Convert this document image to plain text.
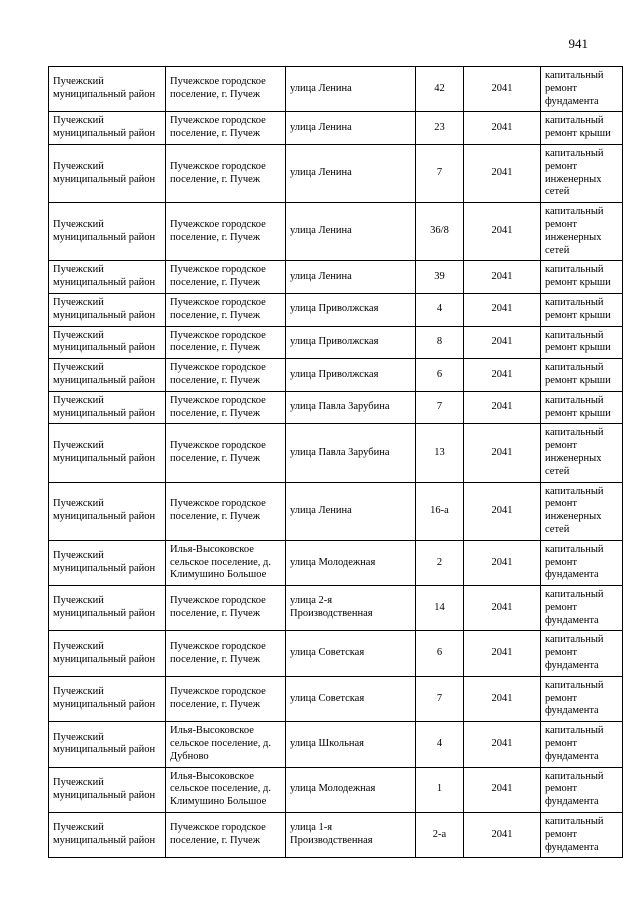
941
Пучежский муниципальный район	Пучежское городское поселение, г. Пучеж	улица Ленина	42	2041	капитальный ремонт фундамента
Пучежский муниципальный район	Пучежское городское поселение, г. Пучеж	улица Ленина	23	2041	капитальный ремонт крыши
Пучежский муниципальный район	Пучежское городское поселение, г. Пучеж	улица Ленина	7	2041	капитальный ремонт инженерных сетей
Пучежский муниципальный район	Пучежское городское поселение, г. Пучеж	улица Ленина	36/8	2041	капитальный ремонт инженерных сетей
Пучежский муниципальный район	Пучежское городское поселение, г. Пучеж	улица Ленина	39	2041	капитальный ремонт крыши
Пучежский муниципальный район	Пучежское городское поселение, г. Пучеж	улица Приволжская	4	2041	капитальный ремонт крыши
Пучежский муниципальный район	Пучежское городское поселение, г. Пучеж	улица Приволжская	8	2041	капитальный ремонт крыши
Пучежский муниципальный район	Пучежское городское поселение, г. Пучеж	улица Приволжская	6	2041	капитальный ремонт крыши
Пучежский муниципальный район	Пучежское городское поселение, г. Пучеж	улица Павла Зарубина	7	2041	капитальный ремонт крыши
Пучежский муниципальный район	Пучежское городское поселение, г. Пучеж	улица Павла Зарубина	13	2041	капитальный ремонт инженерных сетей
Пучежский муниципальный район	Пучежское городское поселение, г. Пучеж	улица Ленина	16-а	2041	капитальный ремонт инженерных сетей
Пучежский муниципальный район	Илья-Высоковское сельское поселение, д. Климушино Большое	улица Молодежная	2	2041	капитальный ремонт фундамента
Пучежский муниципальный район	Пучежское городское поселение, г. Пучеж	улица 2-я Производственная	14	2041	капитальный ремонт фундамента
Пучежский муниципальный район	Пучежское городское поселение, г. Пучеж	улица Советская	6	2041	капитальный ремонт фундамента
Пучежский муниципальный район	Пучежское городское поселение, г. Пучеж	улица Советская	7	2041	капитальный ремонт фундамента
Пучежский муниципальный район	Илья-Высоковское сельское поселение, д. Дубново	улица Школьная	4	2041	капитальный ремонт фундамента
Пучежский муниципальный район	Илья-Высоковское сельское поселение, д. Климушино Большое	улица Молодежная	1	2041	капитальный ремонт фундамента
Пучежский муниципальный район	Пучежское городское поселение, г. Пучеж	улица 1-я Производственная	2-а	2041	капитальный ремонт фундамента
